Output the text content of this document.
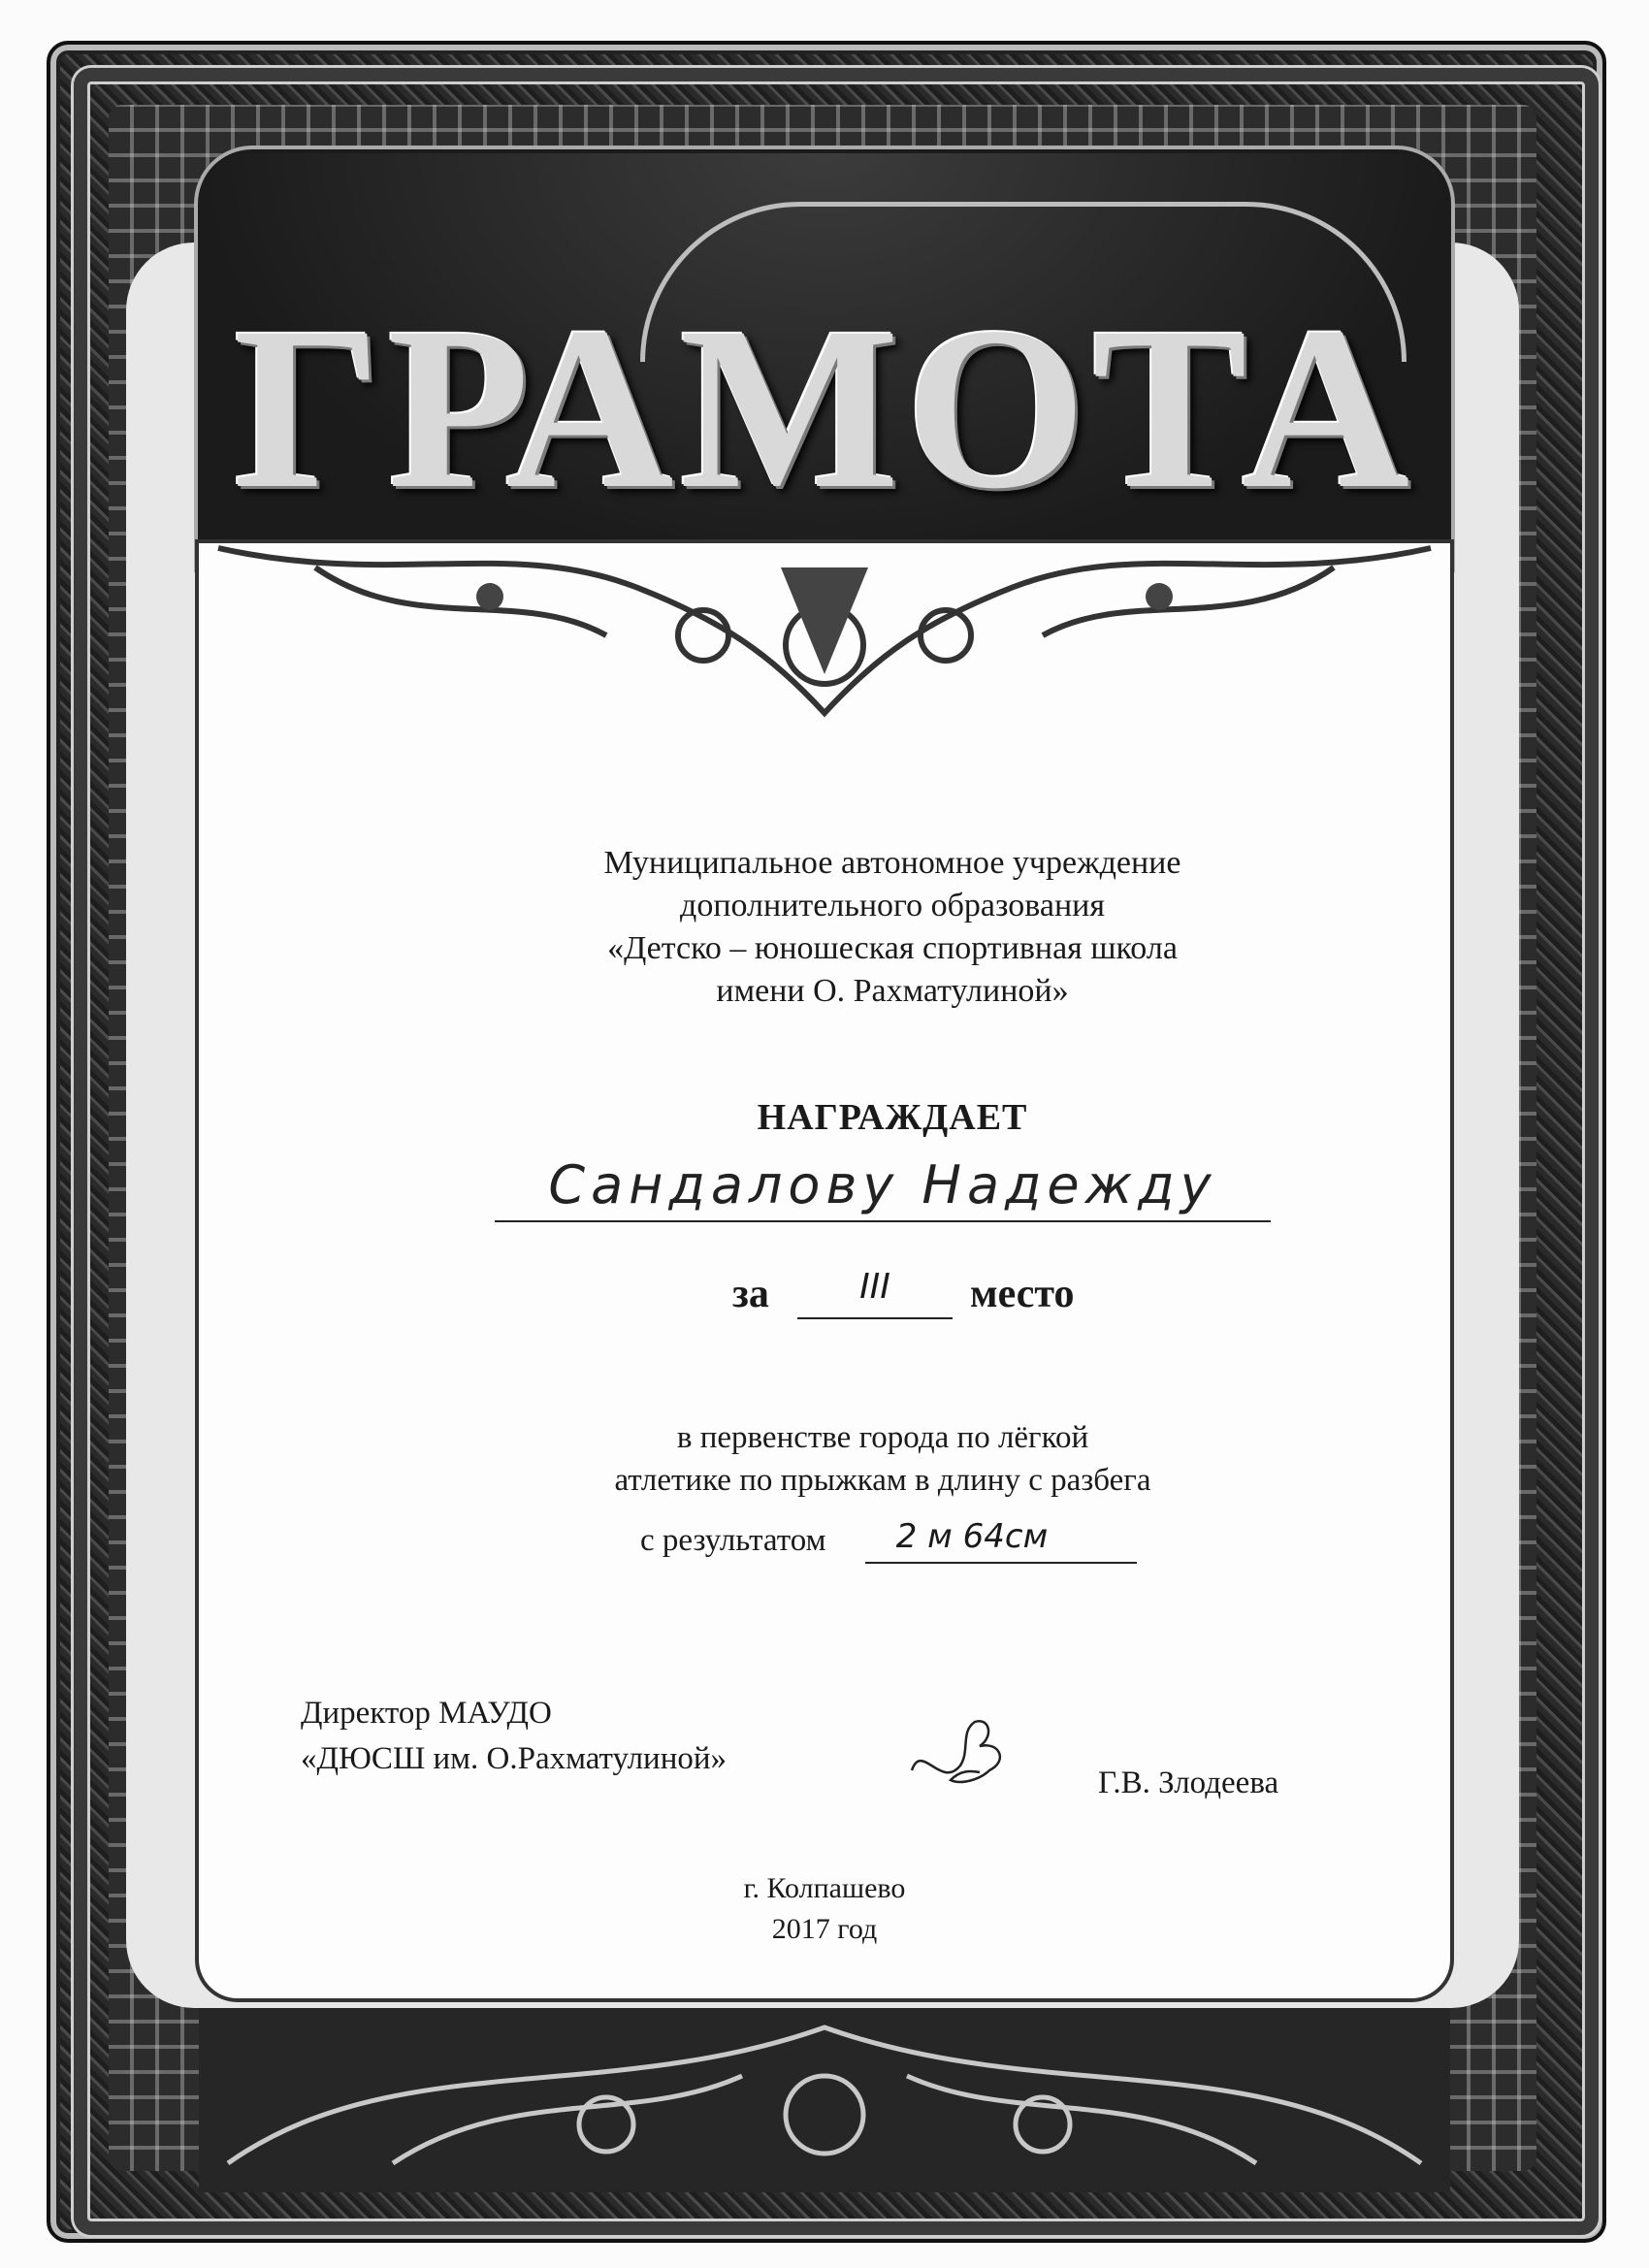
ГРАМОТА
Муниципальное автономное учреждение
дополнительного образования
«Детско – юношеская спортивная школа
имени О. Рахматулиной»
НАГРАЖДАЕТ
Сандалову Надежду
за	III	место
в первенстве города по лёгкой
атлетике по прыжкам в длину с разбега
с результатом	2 м 64см
Директор МАУДО
«ДЮСШ им. О.Рахматулиной»
Г.В. Злодеева
г. Колпашево
2017 год
